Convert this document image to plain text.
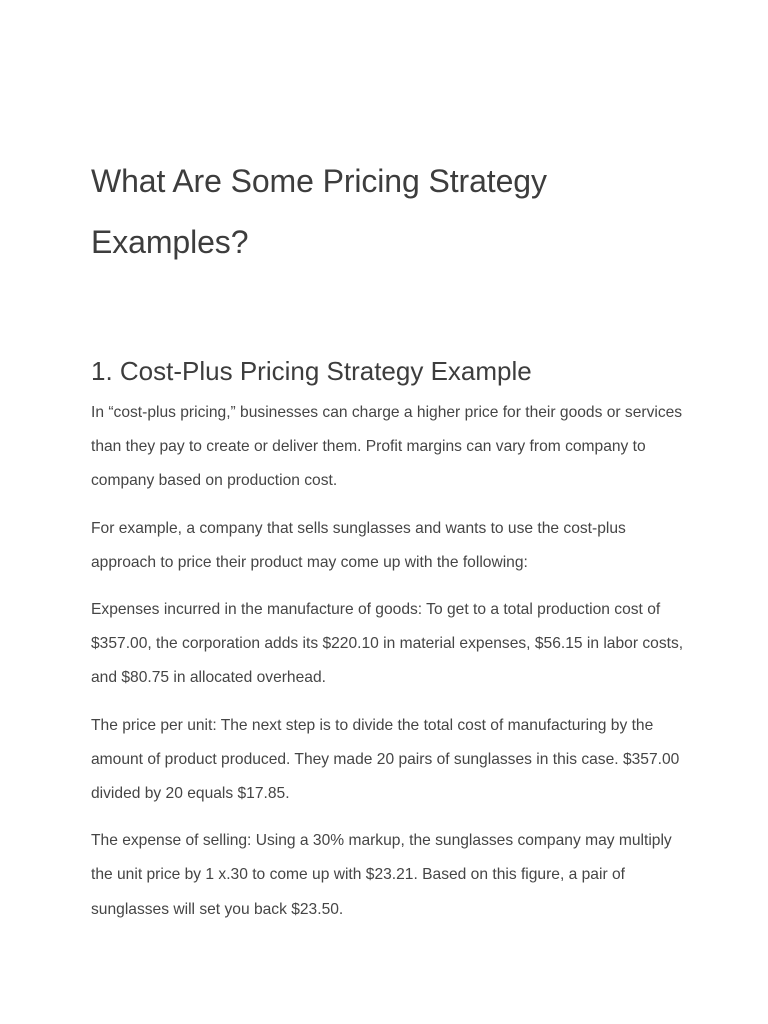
What Are Some Pricing Strategy Examples?
1. Cost-Plus Pricing Strategy Example

In “cost-plus pricing,” businesses can charge a higher price for their goods or services than they pay to create or deliver them. Profit margins can vary from company to company based on production cost.

For example, a company that sells sunglasses and wants to use the cost-plus approach to price their product may come up with the following:

Expenses incurred in the manufacture of goods: To get to a total production cost of $357.00, the corporation adds its $220.10 in material expenses, $56.15 in labor costs, and $80.75 in allocated overhead.

The price per unit: The next step is to divide the total cost of manufacturing by the amount of product produced. They made 20 pairs of sunglasses in this case. $357.00 divided by 20 equals $17.85.

The expense of selling: Using a 30% markup, the sunglasses company may multiply the unit price by 1 x.30 to come up with $23.21. Based on this figure, a pair of sunglasses will set you back $23.50.
